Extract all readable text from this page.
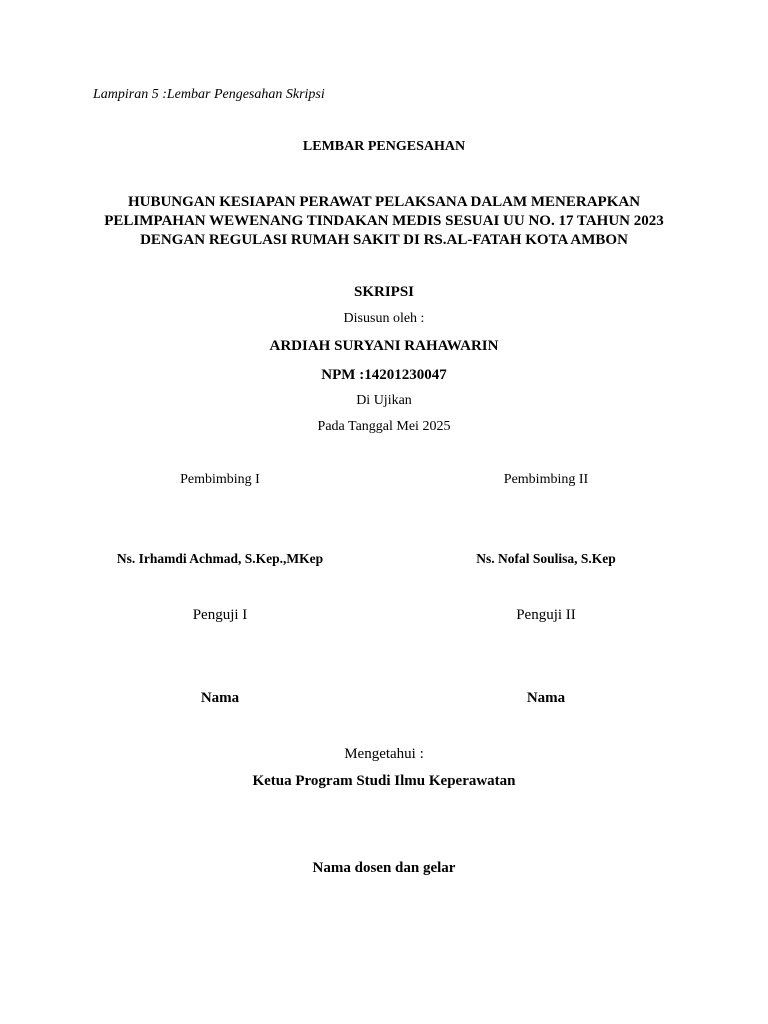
Lampiran 5 :Lembar Pengesahan Skripsi
LEMBAR PENGESAHAN
HUBUNGAN KESIAPAN PERAWAT PELAKSANA DALAM MENERAPKAN
PELIMPAHAN WEWENANG TINDAKAN MEDIS SESUAI UU NO. 17 TAHUN 2023
DENGAN REGULASI RUMAH SAKIT DI RS.AL-FATAH KOTA AMBON
SKRIPSI
Disusun oleh :
ARDIAH SURYANI RAHAWARIN
NPM :14201230047
Di Ujikan
Pada Tanggal Mei 2025
Pembimbing I	Pembimbing II
Ns. Irhamdi Achmad, S.Kep.,MKep	Ns. Nofal Soulisa, S.Kep
Penguji I	Penguji II
Nama	Nama
Mengetahui :
Ketua Program Studi Ilmu Keperawatan
Nama dosen dan gelar
